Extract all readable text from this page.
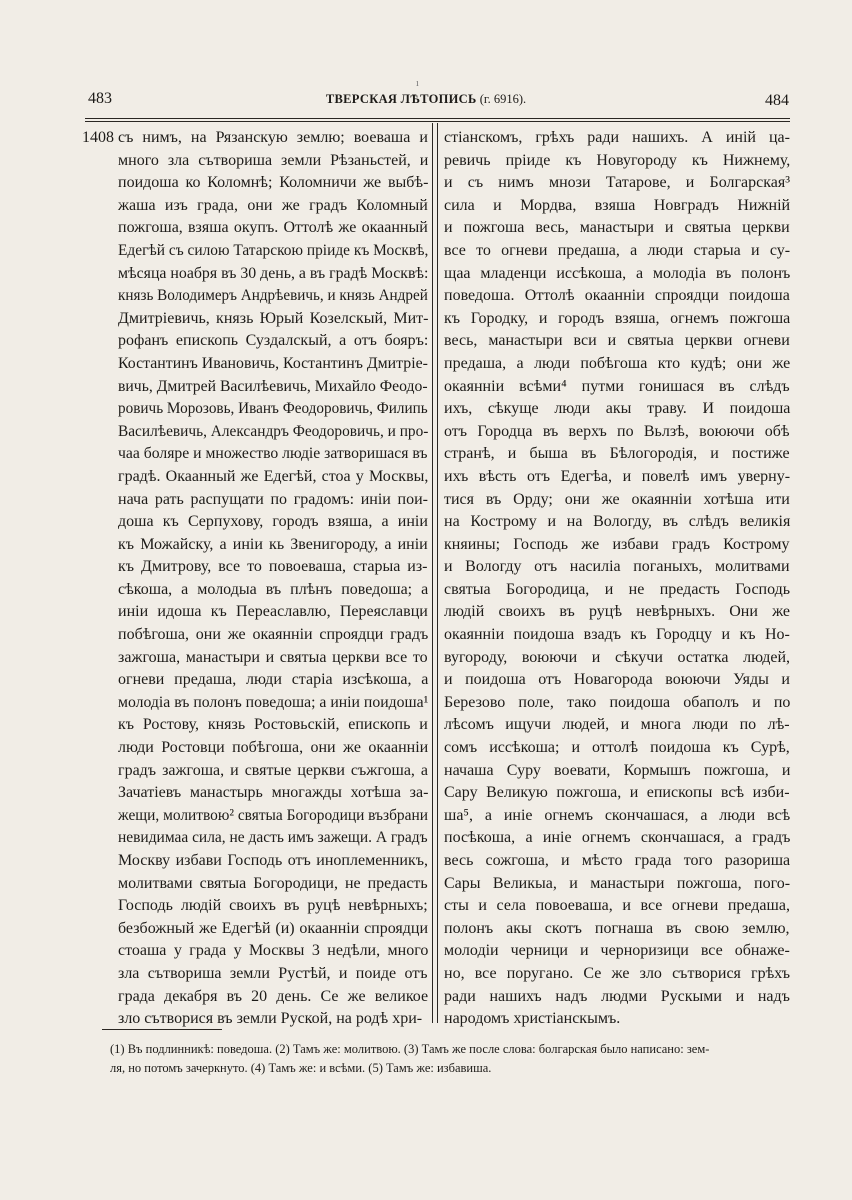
ı
483	ТВЕРСКАЯ ЛѢТОПИСЬ (г. 6916).	484
1408 съ нимъ, на Рязанскую землю; воеваша и
много зла сътвориша земли Рѣзаньстей, и
поидоша ко Коломнѣ; Коломничи же выбѣ-
жаша изъ града, они же градъ Коломный
пожгоша, взяша окупъ. Оттолѣ же окаанный
Едегѣй съ силою Татарскою пріиде къ Москвѣ,
мѣсяца ноабря въ 30 день, а въ градѣ Москвѣ:
князь Володимеръ Андрѣевичь, и князь Андрей
Дмитріевичь, князь Юрый Козелскый, Мит-
рофанъ епископь Суздалскый, а отъ бояръ:
Костантинъ Ивановичь, Костантинъ Дмитріе-
вичь, Дмитрей Василѣевичь, Михайло Феодо-
ровичь Морозовь, Иванъ Феодоровичь, Филипь
Василѣевичь, Александръ Феодоровичь, и про-
чаа боляре и множество людіе затворишася въ
градѣ. Окаанный же Едегѣй, стоа у Москвы,
нача рать распущати по градомъ: иніи пои-
доша къ Серпухову, городъ взяша, а иніи
къ Можайску, а иніи кь Звенигороду, а иніи
къ Дмитрову, все то повоеваша, старыа из-
сѣкоша, а молодыа въ плѣнъ поведоша; а
иніи идоша къ Переаславлю, Переяславци
побѣгоша, они же окаянніи спроядци градъ
зажгоша, манастыри и святыа церкви все то
огневи предаша, люди старіа изсѣкоша, а
молодіа въ полонъ поведоша; а иніи поидоша¹
къ Ростову, князь Ростовьскій, епископь и
люди Ростовци побѣгоша, они же окаанніи
градъ зажгоша, и святые церкви съжгоша, а
Зачатіевъ манастырь многажды хотѣша за-
жещи, молитвою² святыа Богородици възбрани
невидимаа сила, не дасть имъ зажещи. А градъ
Москву избави Господь отъ иноплеменникъ,
молитвами святыа Богородици, не предасть
Господь людій своихъ въ руцѣ невѣрныхъ;
безбожный же Едегѣй (и) окаанніи спроядци
стоаша у града у Москвы 3 недѣли, много
зла сътвориша земли Рустѣй, и поиде отъ
града декабря въ 20 день. Се же великое
зло сътворися въ земли Руской, на родѣ хри-
стіанскомъ, грѣхъ ради нашихъ. А иній ца-
ревичь пріиде къ Новугороду къ Нижнему,
и съ нимъ мнози Татарове, и Болгарская³
сила и Мордва, взяша Новградъ Нижній
и пожгоша весь, манастыри и святыа церкви
все то огневи предаша, а люди старыа и су-
щаа младенци иссѣкоша, а молодіа въ полонъ
поведоша. Оттолѣ окаанніи спроядци поидоша
къ Городку, и городъ взяша, огнемъ пожгоша
весь, манастыри вси и святыа церкви огневи
предаша, а люди побѣгоша кто кудѣ; они же
окаянніи всѣми⁴ путми гонишася въ слѣдъ
ихъ, сѣкуще люди акы траву. И поидоша
отъ Городца въ верхъ по Вьлзѣ, воюючи обѣ
странѣ, и быша въ Бѣлогородія, и постиже
ихъ вѣсть отъ Едегѣа, и повелѣ имъ уверну-
тися въ Орду; они же окаянніи хотѣша ити
на Кострому и на Вологду, въ слѣдъ великія
княины; Господь же избави градъ Кострому
и Вологду отъ насиліа поганыхъ, молитвами
святыа Богородица, и не предасть Господь
людій своихъ въ руцѣ невѣрныхъ. Они же
окаянніи поидоша взадъ къ Городцу и къ Но-
вугороду, воюючи и сѣкучи остатка людей,
и поидоша отъ Новагорода воюючи Уяды и
Березово поле, тако поидоша обаполъ и по
лѣсомъ ищучи людей, и многа люди по лѣ-
сомъ иссѣкоша; и оттолѣ поидоша къ Сурѣ,
начаша Суру воевати, Кормышъ пожгоша, и
Сару Великую пожгоша, и епископы всѣ изби-
ша⁵, а иніе огнемъ скончашася, а люди всѣ
посѣкоша, а иніе огнемъ скончашася, а градъ
весь сожгоша, и мѣсто града того разориша
Сары Великыа, и манастыри пожгоша, пого-
сты и села повоеваша, и все огневи предаша,
полонъ акы скотъ погнаша въ свою землю,
молодіи черници и черноризици все обнаже-
но, все поругано. Се же зло сътворися грѣхъ
ради нашихъ надъ людми Рускыми и надъ
народомъ христіанскымъ.
(1) Въ подлинникѣ: поведоша. (2) Тамъ же: молитвою. (3) Тамъ же после слова: болгарская было написано: зем-
ля, но потомъ зачеркнуто. (4) Тамъ же: и всѣми. (5) Тамъ же: избавиша.
